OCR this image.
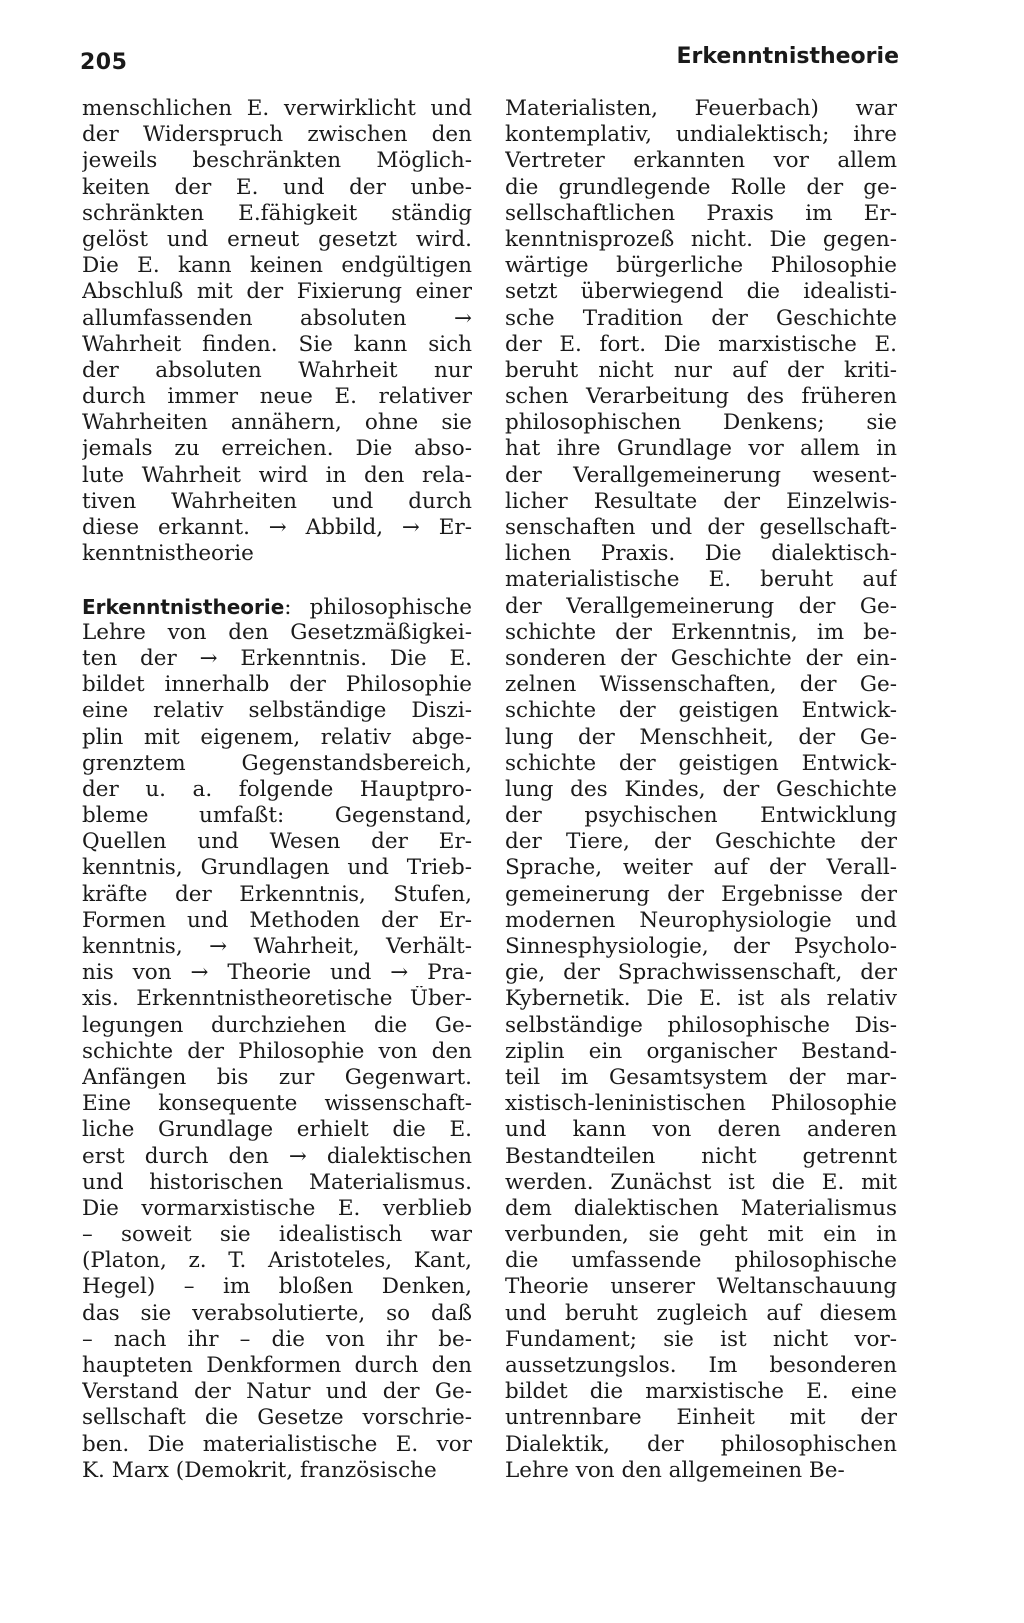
205	Erkenntnistheorie
menschlichen E. verwirklicht und
der Widerspruch zwischen den
jeweils beschränkten Möglich-
keiten der E. und der unbe-
schränkten E.fähigkeit ständig
gelöst und erneut gesetzt wird.
Die E. kann keinen endgültigen
Abschluß mit der Fixierung einer
allumfassenden absoluten →
Wahrheit finden. Sie kann sich
der absoluten Wahrheit nur
durch immer neue E. relativer
Wahrheiten annähern, ohne sie
jemals zu erreichen. Die abso-
lute Wahrheit wird in den rela-
tiven Wahrheiten und durch
diese erkannt. → Abbild, → Er-
kenntnistheorie
Erkenntnistheorie: philosophische
Lehre von den Gesetzmäßigkei-
ten der → Erkenntnis. Die E.
bildet innerhalb der Philosophie
eine relativ selbständige Diszi-
plin mit eigenem, relativ abge-
grenztem Gegenstandsbereich,
der u. a. folgende Hauptpro-
bleme umfaßt: Gegenstand,
Quellen und Wesen der Er-
kenntnis, Grundlagen und Trieb-
kräfte der Erkenntnis, Stufen,
Formen und Methoden der Er-
kenntnis, → Wahrheit, Verhält-
nis von → Theorie und → Pra-
xis. Erkenntnistheoretische Über-
legungen durchziehen die Ge-
schichte der Philosophie von den
Anfängen bis zur Gegenwart.
Eine konsequente wissenschaft-
liche Grundlage erhielt die E.
erst durch den → dialektischen
und historischen Materialismus.
Die vormarxistische E. verblieb
– soweit sie idealistisch war
(Platon, z. T. Aristoteles, Kant,
Hegel) – im bloßen Denken,
das sie verabsolutierte, so daß
– nach ihr – die von ihr be-
haupteten Denkformen durch den
Verstand der Natur und der Ge-
sellschaft die Gesetze vorschrie-
ben. Die materialistische E. vor
K. Marx (Demokrit, französische
Materialisten, Feuerbach) war
kontemplativ, undialektisch; ihre
Vertreter erkannten vor allem
die grundlegende Rolle der ge-
sellschaftlichen Praxis im Er-
kenntnisprozeß nicht. Die gegen-
wärtige bürgerliche Philosophie
setzt überwiegend die idealisti-
sche Tradition der Geschichte
der E. fort. Die marxistische E.
beruht nicht nur auf der kriti-
schen Verarbeitung des früheren
philosophischen Denkens; sie
hat ihre Grundlage vor allem in
der Verallgemeinerung wesent-
licher Resultate der Einzelwis-
senschaften und der gesellschaft-
lichen Praxis. Die dialektisch-
materialistische E. beruht auf
der Verallgemeinerung der Ge-
schichte der Erkenntnis, im be-
sonderen der Geschichte der ein-
zelnen Wissenschaften, der Ge-
schichte der geistigen Entwick-
lung der Menschheit, der Ge-
schichte der geistigen Entwick-
lung des Kindes, der Geschichte
der psychischen Entwicklung
der Tiere, der Geschichte der
Sprache, weiter auf der Verall-
gemeinerung der Ergebnisse der
modernen Neurophysiologie und
Sinnesphysiologie, der Psycholo-
gie, der Sprachwissenschaft, der
Kybernetik. Die E. ist als relativ
selbständige philosophische Dis-
ziplin ein organischer Bestand-
teil im Gesamtsystem der mar-
xistisch-leninistischen Philosophie
und kann von deren anderen
Bestandteilen nicht getrennt
werden. Zunächst ist die E. mit
dem dialektischen Materialismus
verbunden, sie geht mit ein in
die umfassende philosophische
Theorie unserer Weltanschauung
und beruht zugleich auf diesem
Fundament; sie ist nicht vor-
aussetzungslos. Im besonderen
bildet die marxistische E. eine
untrennbare Einheit mit der
Dialektik, der philosophischen
Lehre von den allgemeinen Be-
